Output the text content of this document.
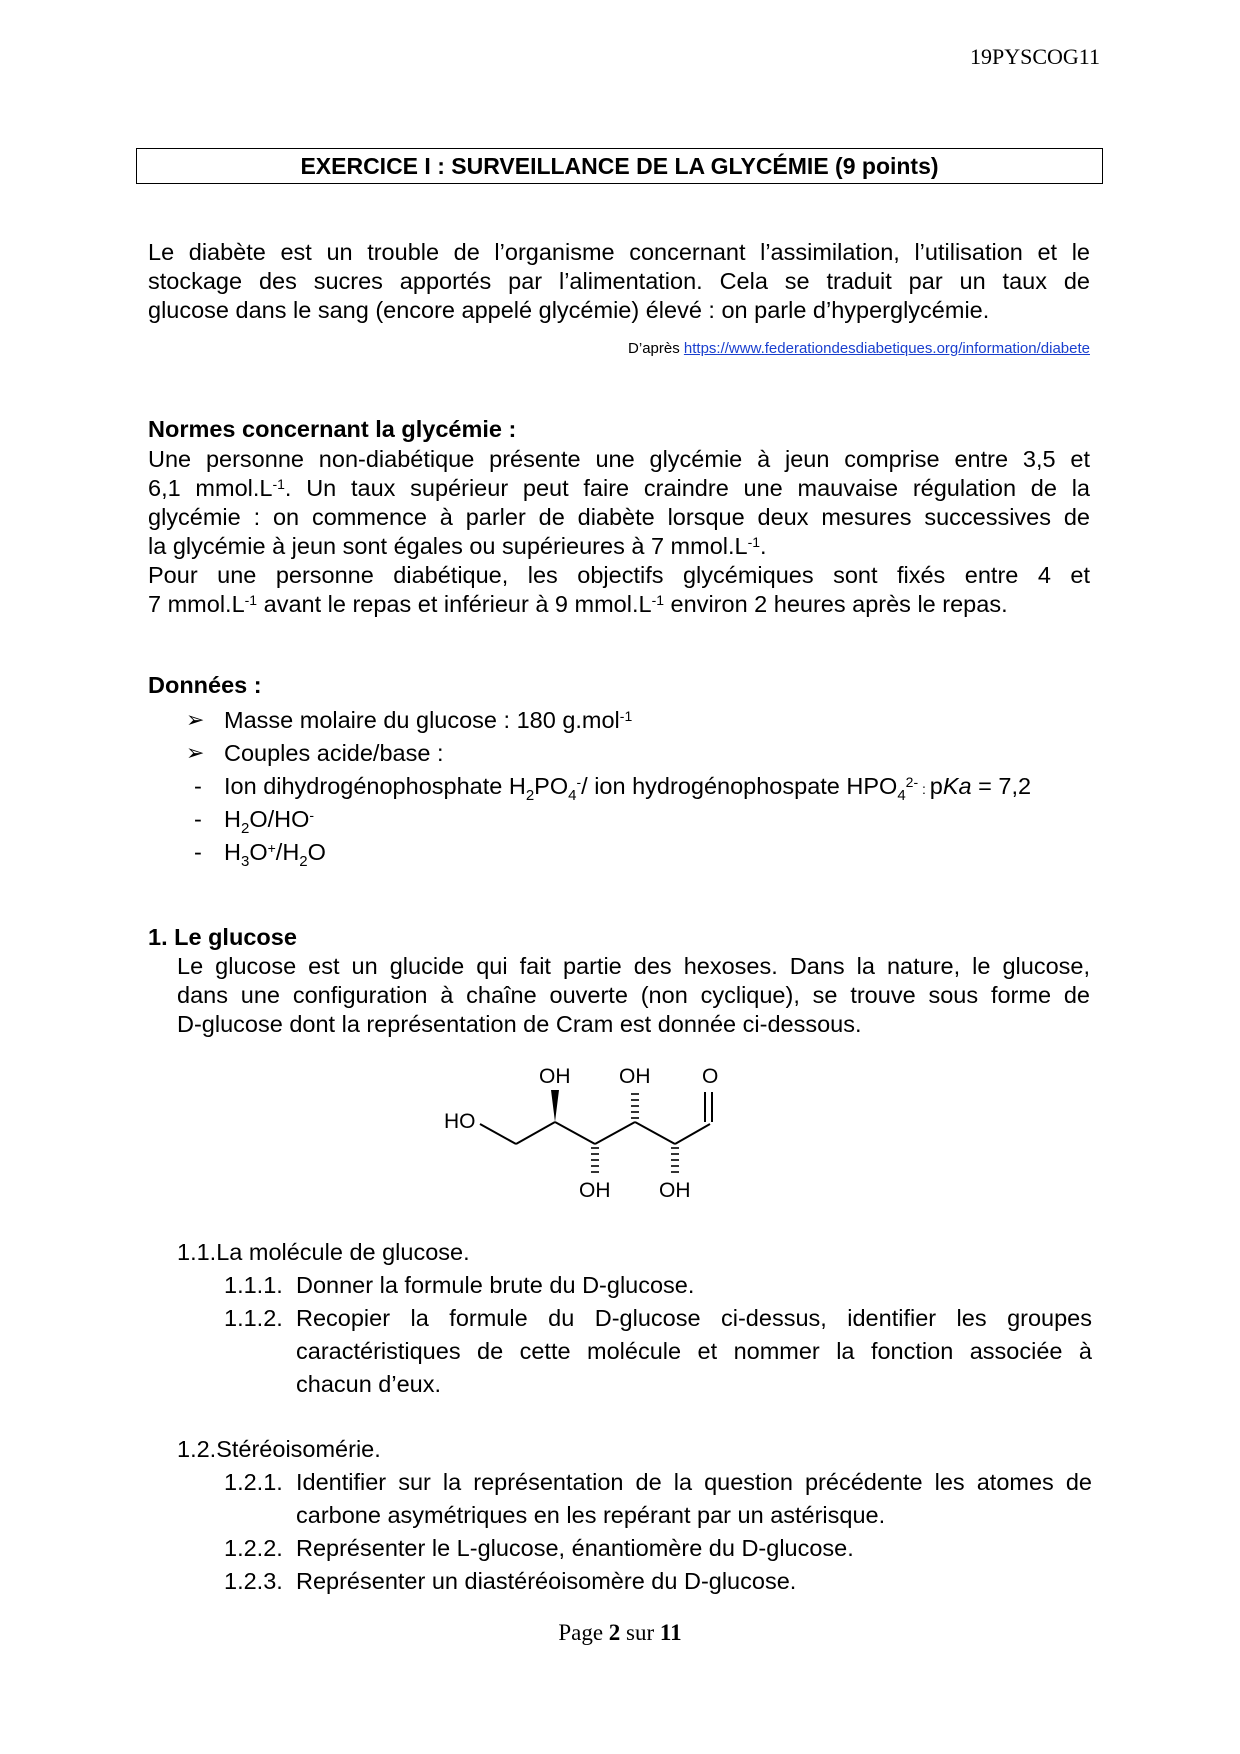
19PYSCOG11
EXERCICE I : SURVEILLANCE DE LA GLYCÉMIE (9 points)
Le diabète est un trouble de l’organisme concernant l’assimilation, l’utilisation et le
stockage des sucres apportés par l’alimentation. Cela se traduit par un taux de
glucose dans le sang (encore appelé glycémie) élevé : on parle d’hyperglycémie.
D’après https://www.federationdesdiabetiques.org/information/diabete
Normes concernant la glycémie :
Une personne non-diabétique présente une glycémie à jeun comprise entre 3,5 et
6,1 $mmol.L^{-1}$. Un taux supérieur peut faire craindre une mauvaise régulation de la
glycémie : on commence à parler de diabète lorsque deux mesures successives de
la glycémie à jeun sont égales ou supérieures à 7 $mmol.L^{-1}$.
Pour une personne diabétique, les objectifs glycémiques sont fixés entre 4 et
7 $mmol.L^{-1}$ avant le repas et inférieur à 9 $mmol.L^{-1}$ environ 2 heures après le repas.
Données :
➢ Masse molaire du glucose : 180 g.mol$^{-1}$
➢ Couples acide/base :
- Ion dihydrogénophosphate $H_2PO_4^-/$ ion hydrogénophospate $HPO_4^{2-}$ : pKa = 7,2
- $H_2O/HO^-$
- $H_3O^+/H_2O$
1. Le glucose
Le glucose est un glucide qui fait partie des hexoses. Dans la nature, le glucose,
dans une configuration à chaîne ouverte (non cyclique), se trouve sous forme de
D-glucose dont la représentation de Cram est donnée ci-dessous.
HO
OH OH O
OH OH
1.1.La molécule de glucose.
1.1.1. Donner la formule brute du D-glucose.
1.1.2. Recopier la formule du D-glucose ci-dessus, identifier les groupes
caractéristiques de cette molécule et nommer la fonction associée à
chacun d’eux.
1.2.Stéréoisomérie.
1.2.1. Identifier sur la représentation de la question précédente les atomes de
carbone asymétriques en les repérant par un astérisque.
1.2.2. Représenter le L-glucose, énantiomère du D-glucose.
1.2.3. Représenter un diastéréoisomère du D-glucose.
Page 2 sur 11
